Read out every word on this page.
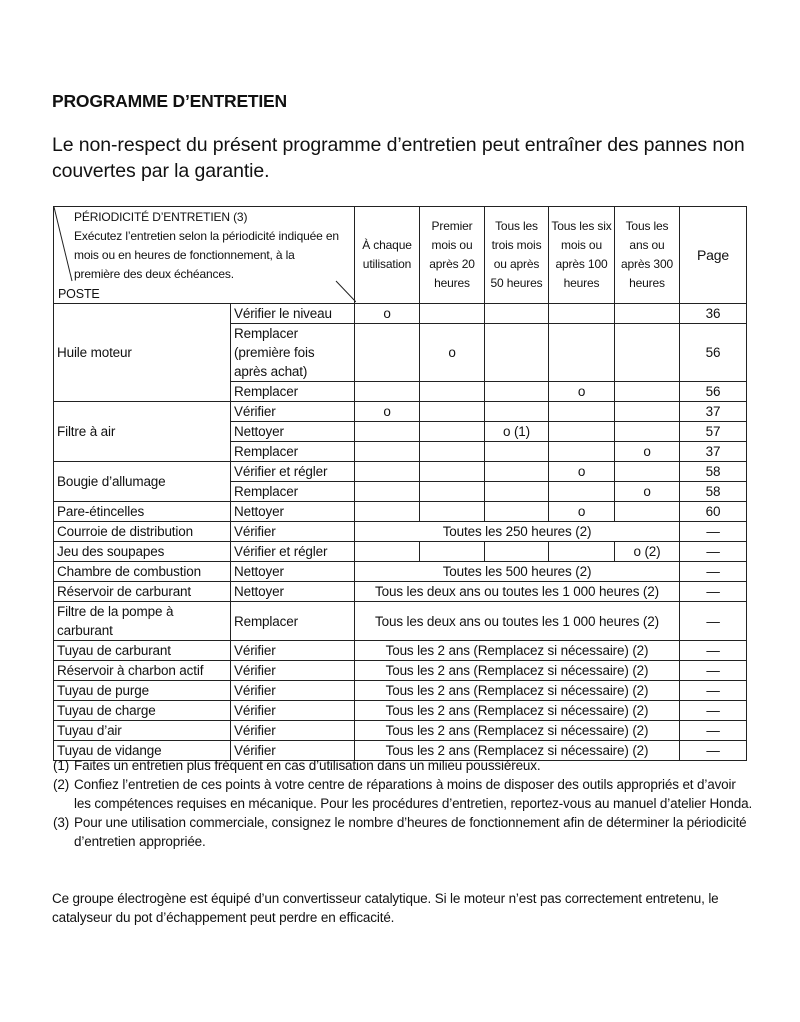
PROGRAMME D’ENTRETIEN
Le non-respect du présent programme d’entretien peut entraîner des pannes non couvertes par la garantie.
PÉRIODICITÉ D’ENTRETIEN (3)
Exécutez l’entretien selon la périodicité indiquée en mois ou en heures de fonctionnement, à la première des deux échéances.
POSTE		À chaque utilisation	Premier mois ou après 20 heures	Tous les trois mois ou après 50 heures	Tous les six mois ou après 100 heures	Tous les ans ou après 300 heures	Page
Huile moteur	Vérifier le niveau	o					36
	Remplacer (première fois après achat)		o				56
	Remplacer				o		56
Filtre à air	Vérifier	o					37
	Nettoyer			o (1)			57
	Remplacer					o	37
Bougie d’allumage	Vérifier et régler				o		58
	Remplacer					o	58
Pare-étincelles	Nettoyer				o		60
Courroie de distribution	Vérifier	Toutes les 250 heures (2)					—
Jeu des soupapes	Vérifier et régler					o (2)	—
Chambre de combustion	Nettoyer	Toutes les 500 heures (2)					—
Réservoir de carburant	Nettoyer	Tous les deux ans ou toutes les 1 000 heures (2)					—
Filtre de la pompe à carburant	Remplacer	Tous les deux ans ou toutes les 1 000 heures (2)					—
Tuyau de carburant	Vérifier	Tous les 2 ans (Remplacez si nécessaire) (2)					—
Réservoir à charbon actif	Vérifier	Tous les 2 ans (Remplacez si nécessaire) (2)					—
Tuyau de purge	Vérifier	Tous les 2 ans (Remplacez si nécessaire) (2)					—
Tuyau de charge	Vérifier	Tous les 2 ans (Remplacez si nécessaire) (2)					—
Tuyau d’air	Vérifier	Tous les 2 ans (Remplacez si nécessaire) (2)					—
Tuyau de vidange	Vérifier	Tous les 2 ans (Remplacez si nécessaire) (2)					—
(1) Faites un entretien plus fréquent en cas d’utilisation dans un milieu poussiéreux.
(2) Confiez l’entretien de ces points à votre centre de réparations à moins de disposer des outils appropriés et d’avoir les compétences requises en mécanique. Pour les procédures d’entretien, reportez-vous au manuel d’atelier Honda.
(3) Pour une utilisation commerciale, consignez le nombre d’heures de fonctionnement afin de déterminer la périodicité d’entretien appropriée.
Ce groupe électrogène est équipé d’un convertisseur catalytique. Si le moteur n’est pas correctement entretenu, le catalyseur du pot d’échappement peut perdre en efficacité.
